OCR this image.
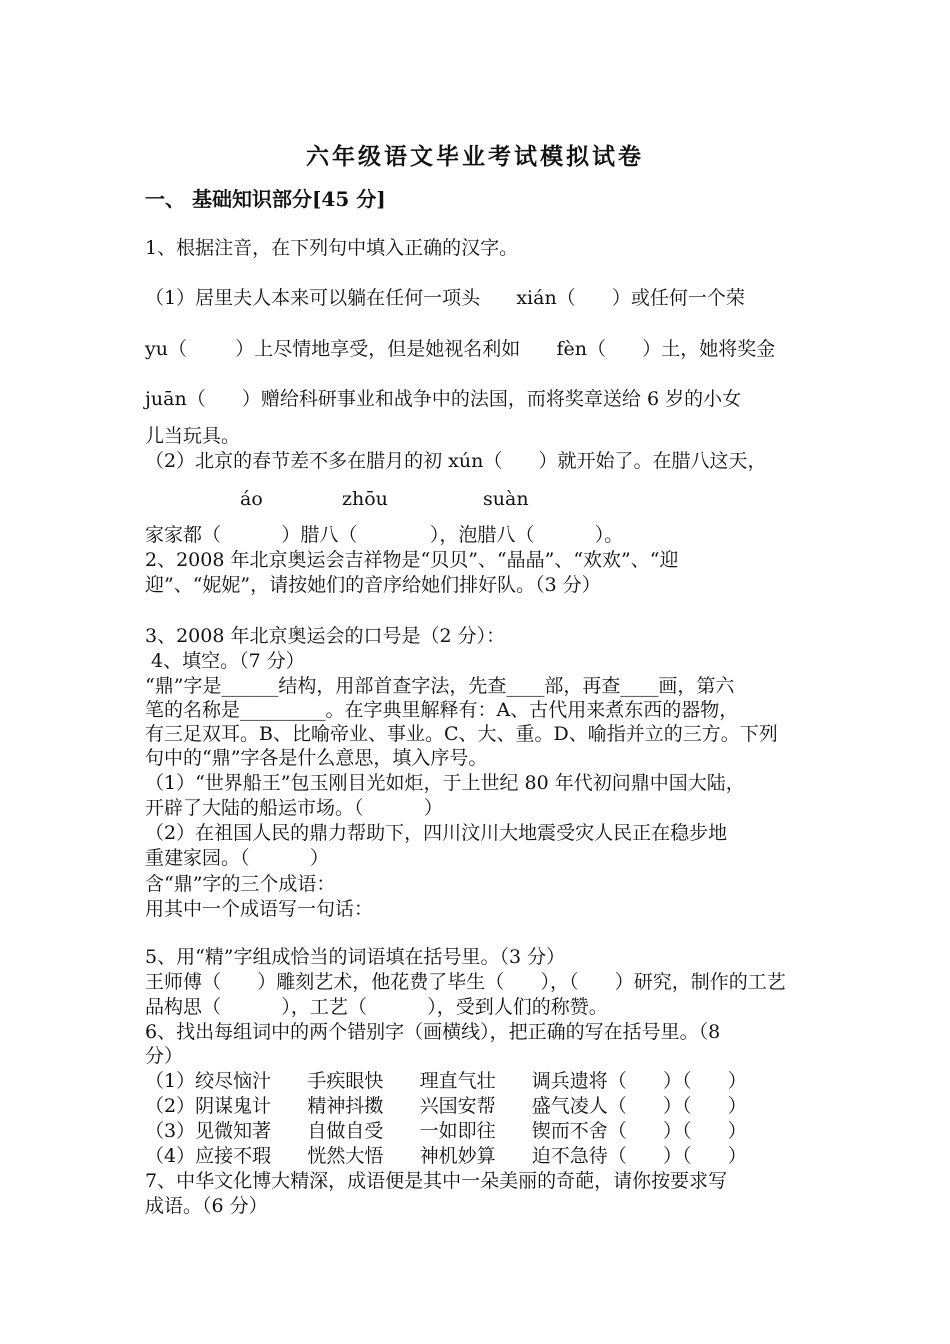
六年级语文毕业考试模拟试卷
一、 基础知识部分[45 分]
1、根据注音，在下列句中填入正确的汉字。
（1）居里夫人本来可以躺在任何一项头      xián（      ）或任何一个荣
yu（        ）上尽情地享受，但是她视名利如      fèn（      ）土，她将奖金
juān（      ）赠给科研事业和战争中的法国，而将奖章送给 6 岁的小女
儿当玩具。
（2）北京的春节差不多在腊月的初 xún（      ）就开始了。在腊八这天，
áo	zhōu	suàn
家家都（          ）腊八（            ），泡腊八（          ）。
2、2008 年北京奥运会吉祥物是“贝贝”、“晶晶”、“欢欢”、“迎
迎”、“妮妮”，请按她们的音序给她们排好队。（3 分）
3、2008 年北京奥运会的口号是（2 分）：
4、填空。（7 分）
“鼎”字是______结构，用部首查字法，先查____部，再查____画，第六
笔的名称是_________。在字典里解释有：A、古代用来煮东西的器物，
有三足双耳。B、比喻帝业、事业。C、大、重。D、喻指并立的三方。下列
句中的“鼎”字各是什么意思，填入序号。
（1）“世界船王”包玉刚目光如炬，于上世纪 80 年代初问鼎中国大陆，
开辟了大陆的船运市场。（          ）
（2）在祖国人民的鼎力帮助下，四川汶川大地震受灾人民正在稳步地
重建家园。（          ）
含“鼎”字的三个成语：
用其中一个成语写一句话：
5、用“精”字组成恰当的词语填在括号里。（3 分）
王师傅（      ）雕刻艺术，他花费了毕生（      ），（      ）研究，制作的工艺
品构思（          ），工艺（          ），受到人们的称赞。
6、找出每组词中的两个错别字（画横线），把正确的写在括号里。（8
分）
（1）绞尽恼汁      手疾眼快      理直气壮      调兵遗将（      ）（      ）
（2）阴谋鬼计      精神抖擞      兴国安帮      盛气凌人（      ）（      ）
（3）见微知著      自做自受      一如即往      锲而不舍（      ）（      ）
（4）应接不瑕      恍然大悟      神机妙算      迫不急待（      ）（      ）
7、中华文化博大精深，成语便是其中一朵美丽的奇葩，请你按要求写
成语。（6 分）
